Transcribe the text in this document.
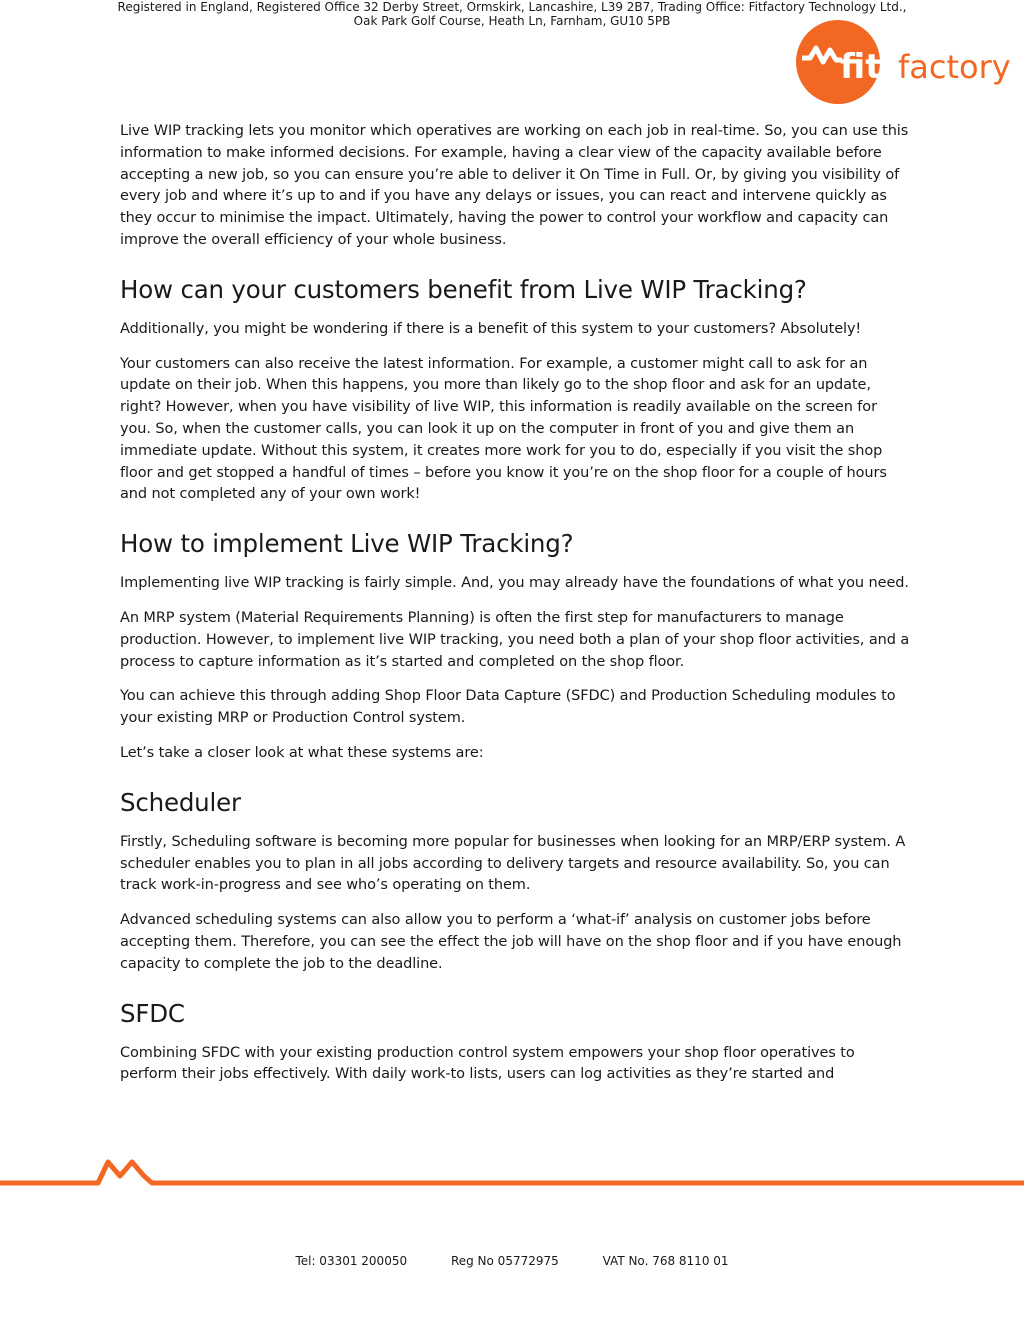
fit factory

Live WIP tracking lets you monitor which operatives are working on each job in real-time. So, you can use this information to make informed decisions. For example, having a clear view of the capacity available before accepting a new job, so you can ensure you’re able to deliver it On Time in Full. Or, by giving you visibility of every job and where it’s up to and if you have any delays or issues, you can react and intervene quickly as they occur to minimise the impact. Ultimately, having the power to control your workflow and capacity can improve the overall efficiency of your whole business.

How can your customers benefit from Live WIP Tracking?

Additionally, you might be wondering if there is a benefit of this system to your customers? Absolutely!

Your customers can also receive the latest information. For example, a customer might call to ask for an update on their job. When this happens, you more than likely go to the shop floor and ask for an update, right? However, when you have visibility of live WIP, this information is readily available on the screen for you. So, when the customer calls, you can look it up on the computer in front of you and give them an immediate update. Without this system, it creates more work for you to do, especially if you visit the shop floor and get stopped a handful of times – before you know it you’re on the shop floor for a couple of hours and not completed any of your own work!

How to implement Live WIP Tracking?

Implementing live WIP tracking is fairly simple. And, you may already have the foundations of what you need.

An MRP system (Material Requirements Planning) is often the first step for manufacturers to manage production. However, to implement live WIP tracking, you need both a plan of your shop floor activities, and a process to capture information as it’s started and completed on the shop floor.

You can achieve this through adding Shop Floor Data Capture (SFDC) and Production Scheduling modules to your existing MRP or Production Control system.

Let’s take a closer look at what these systems are:

Scheduler

Firstly, Scheduling software is becoming more popular for businesses when looking for an MRP/ERP system. A scheduler enables you to plan in all jobs according to delivery targets and resource availability. So, you can track work-in-progress and see who’s operating on them.

Advanced scheduling systems can also allow you to perform a ‘what-if’ analysis on customer jobs before accepting them. Therefore, you can see the effect the job will have on the shop floor and if you have enough capacity to complete the job to the deadline.

SFDC

Combining SFDC with your existing production control system empowers your shop floor operatives to perform their jobs effectively. With daily work-to lists, users can log activities as they’re started and

Registered in England, Registered Office 32 Derby Street, Ormskirk, Lancashire, L39 2B7, Trading Office: Fitfactory Technology Ltd.,
Oak Park Golf Course, Heath Ln, Farnham, GU10 5PB
Tel: 03301 200050	Reg No 05772975	VAT No. 768 8110 01
